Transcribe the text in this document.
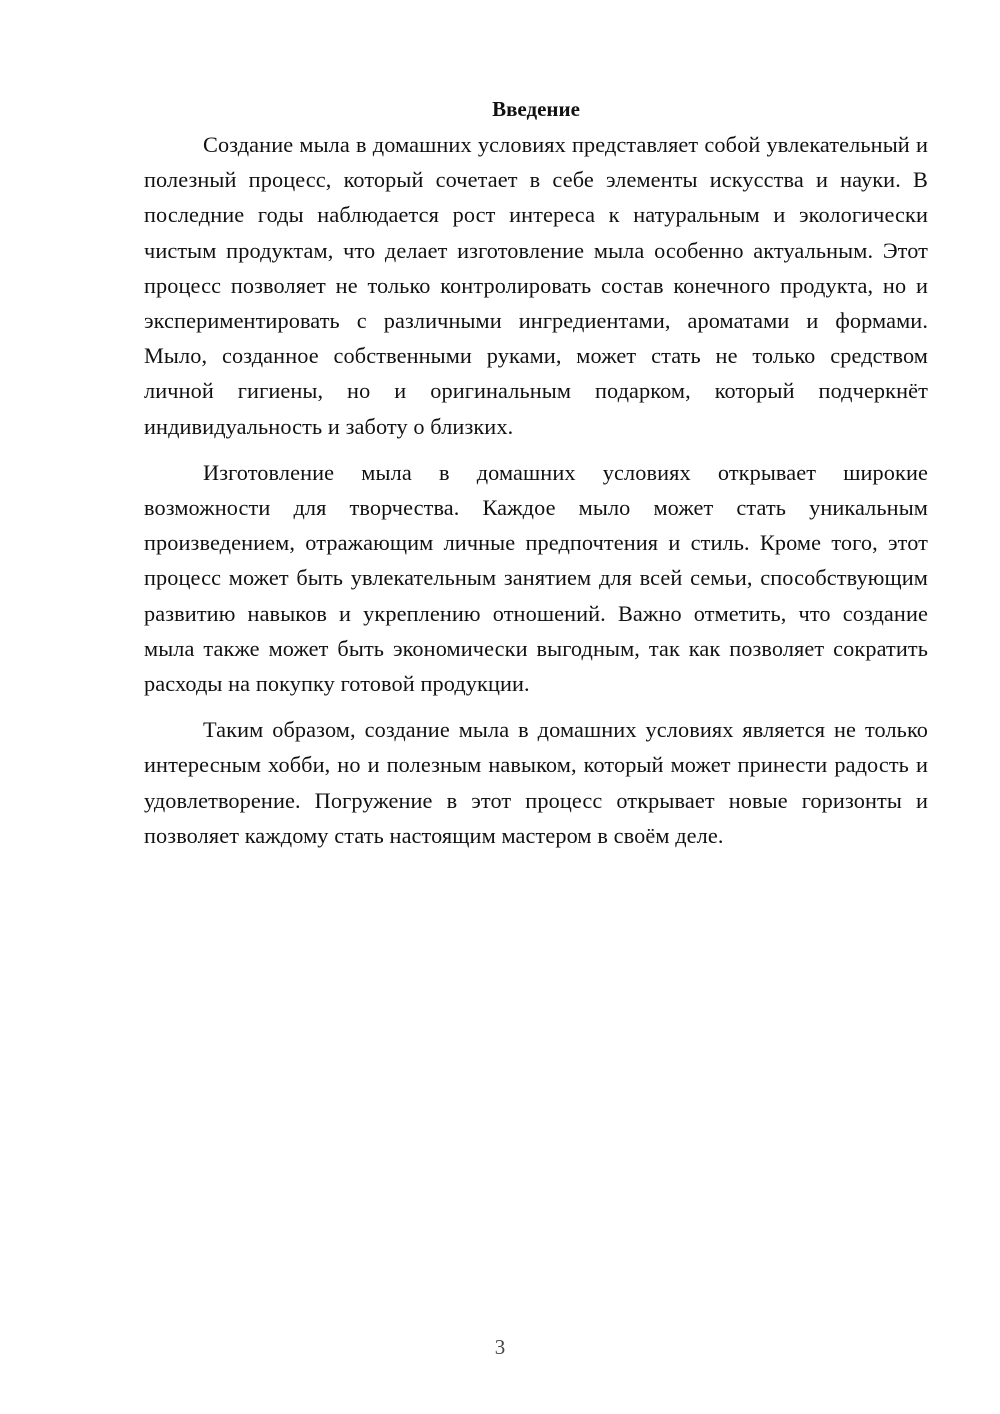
Введение

Создание мыла в домашних условиях представляет собой увлекательный и полезный процесс, который сочетает в себе элементы искусства и науки. В последние годы наблюдается рост интереса к натуральным и экологически чистым продуктам, что делает изготовление мыла особенно актуальным. Этот процесс позволяет не только контролировать состав конечного продукта, но и экспериментировать с различными ингредиентами, ароматами и формами. Мыло, созданное собственными руками, может стать не только средством личной гигиены, но и оригинальным подарком, который подчеркнёт индивидуальность и заботу о близких.

Изготовление мыла в домашних условиях открывает широкие возможности для творчества. Каждое мыло может стать уникальным произведением, отражающим личные предпочтения и стиль. Кроме того, этот процесс может быть увлекательным занятием для всей семьи, способствующим развитию навыков и укреплению отношений. Важно отметить, что создание мыла также может быть экономически выгодным, так как позволяет сократить расходы на покупку готовой продукции.

Таким образом, создание мыла в домашних условиях является не только интересным хобби, но и полезным навыком, который может принести радость и удовлетворение. Погружение в этот процесс открывает новые горизонты и позволяет каждому стать настоящим мастером в своём деле.

3
